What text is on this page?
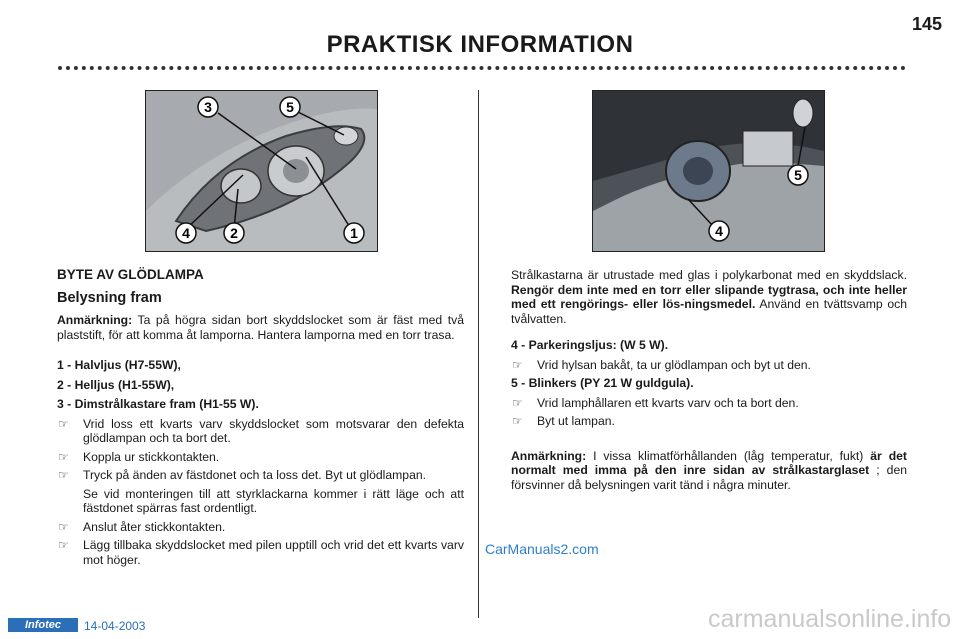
145
PRAKTISK INFORMATION
3	5
4	2	1
5
4
BYTE AV GLÖDLAMPA
Belysning fram
Anmärkning: Ta på högra sidan bort skyddslocket som är fäst med två plaststift, för att komma åt lamporna. Hantera lamporna med en torr trasa.
1 - Halvljus (H7-55W),
2 - Helljus (H1-55W),
3 - Dimstrålkastare fram (H1-55 W).
☞ Vrid loss ett kvarts varv skyddslocket som motsvarar den defekta glödlampan och ta bort det.
☞ Koppla ur stickkontakten.
☞ Tryck på änden av fästdonet och ta loss det. Byt ut glödlampan.
Se vid monteringen till att styrklackarna kommer i rätt läge och att fästdonet spärras fast ordentligt.
☞ Anslut åter stickkontakten.
☞ Lägg tillbaka skyddslocket med pilen upptill och vrid det ett kvarts varv mot höger.
Strålkastarna är utrustade med glas i polykarbonat med en skyddslack. Rengör dem inte med en torr eller slipande tygtrasa, och inte heller med ett rengörings- eller lös-ningsmedel. Använd en tvättsvamp och tvålvatten.
4 - Parkeringsljus: (W 5 W).
☞ Vrid hylsan bakåt, ta ur glödlampan och byt ut den.
5 - Blinkers (PY 21 W guldgula).
☞ Vrid lamphållaren ett kvarts varv och ta bort den.
☞ Byt ut lampan.
Anmärkning: I vissa klimatförhållanden (låg temperatur, fukt) är det normalt med imma på den inre sidan av strålkastarglaset ; den försvinner då belysningen varit tänd i några minuter.
CarManuals2.com
Infotec	14-04-2003	carmanualsonline.info
